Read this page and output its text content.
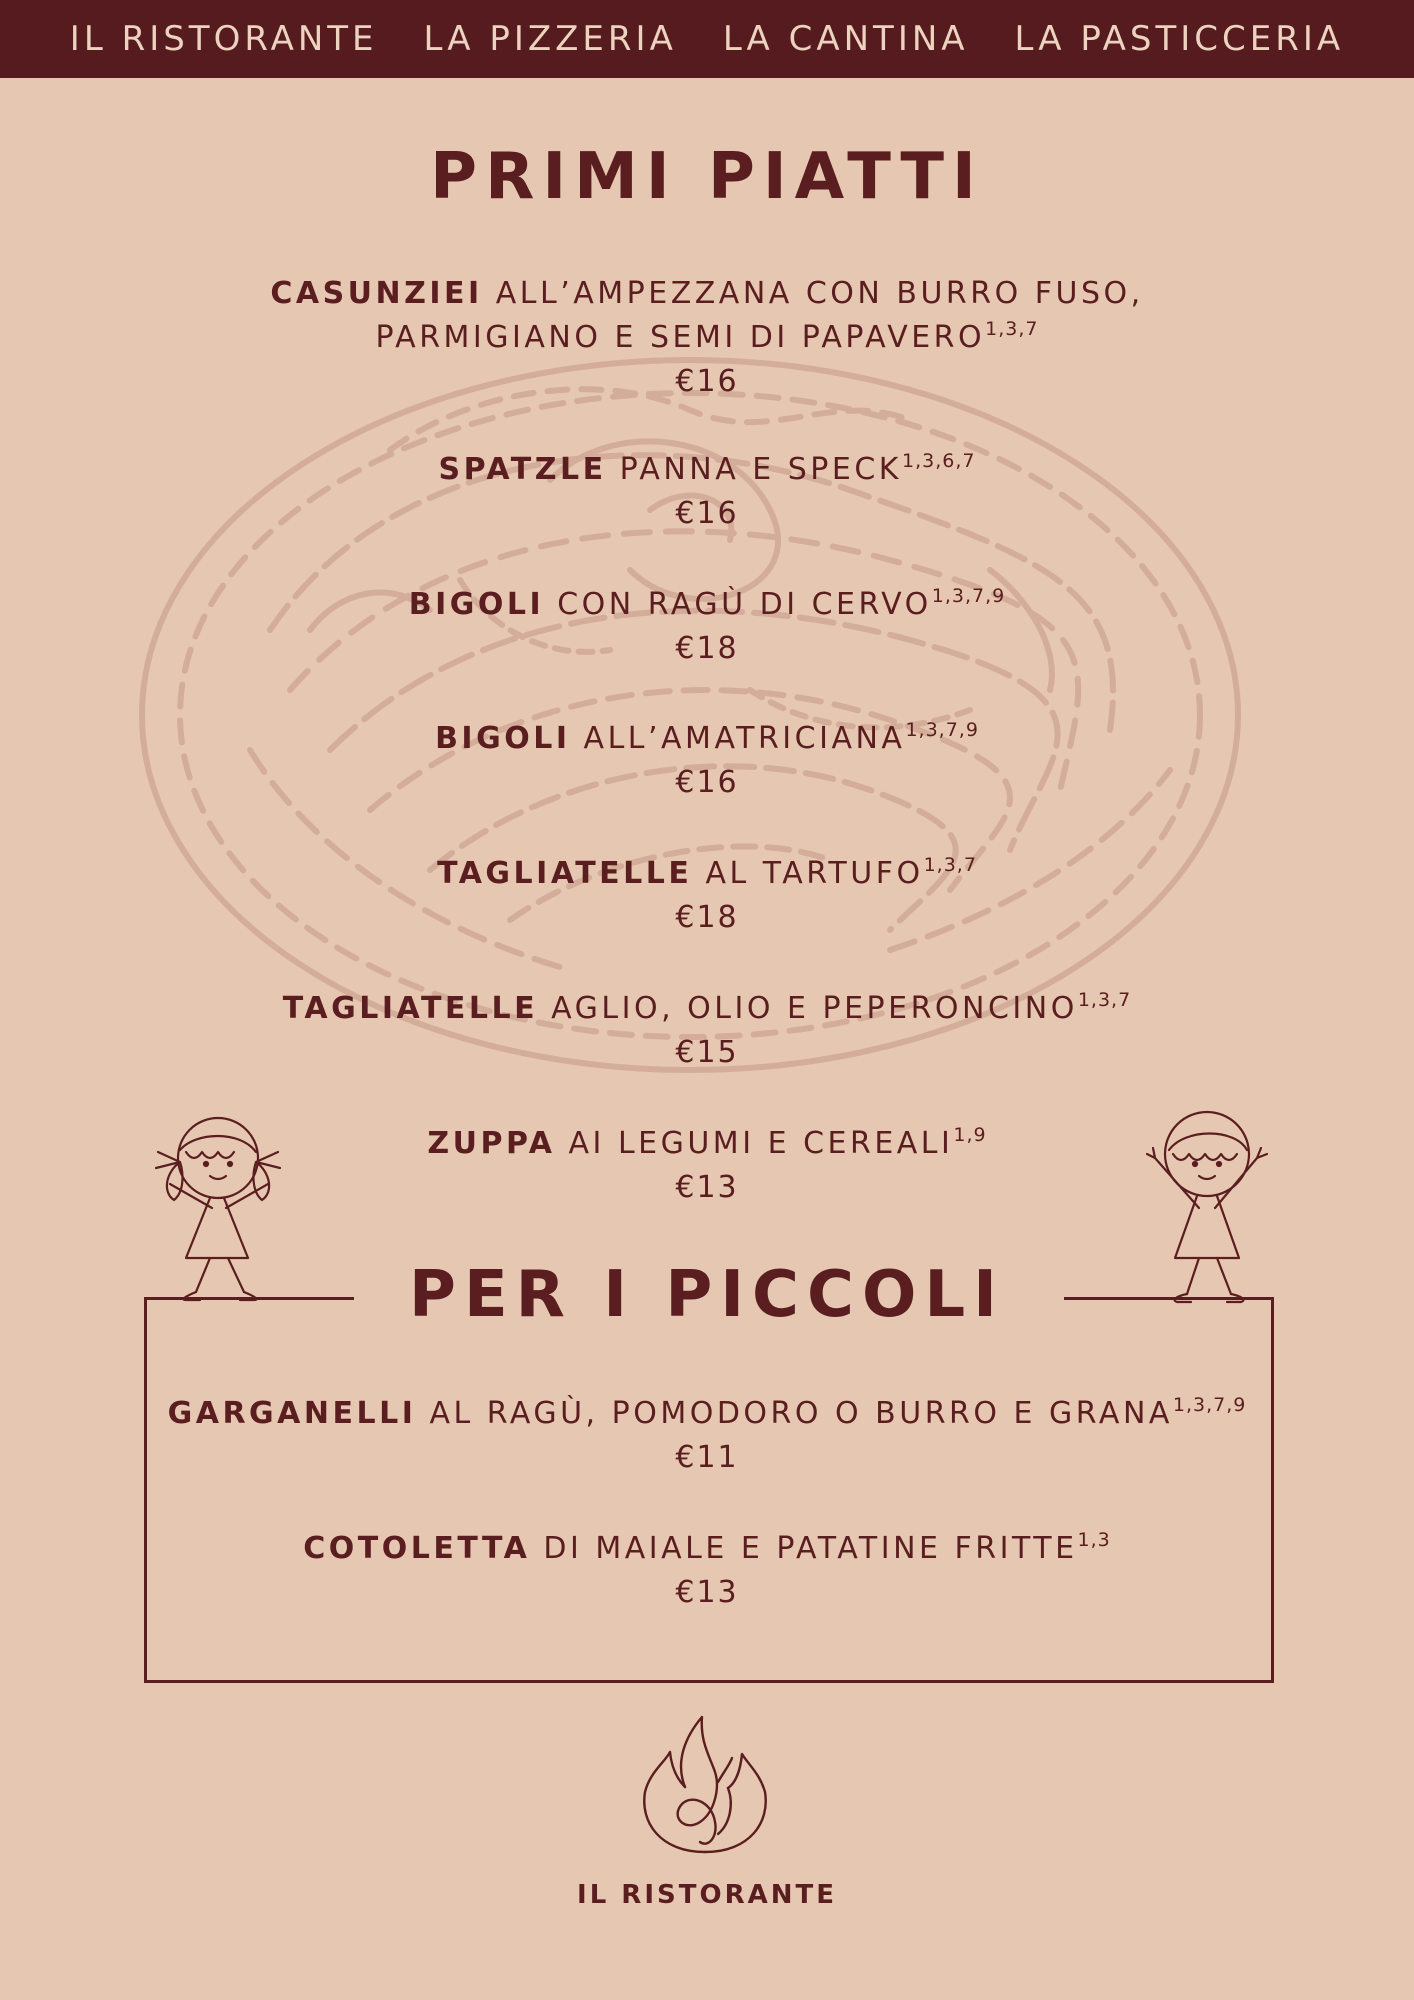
IL RISTORANTE LA PIZZERIA LA CANTINA LA PASTICCERIA
PRIMI PIATTI
CASUNZIEI ALL’AMPEZZANA CON BURRO FUSO,
PARMIGIANO E SEMI DI PAPAVERO$^{1,3,7}$
€16
SPATZLE PANNA E SPECK$^{1,3,6,7}$
€16
BIGOLI CON RAGÙ DI CERVO$^{1,3,7,9}$
€18
BIGOLI ALL’AMATRICIANA$^{1,3,7,9}$
€16
TAGLIATELLE AL TARTUFO$^{1,3,7}$
€18
TAGLIATELLE AGLIO, OLIO E PEPERONCINO$^{1,3,7}$
€15
ZUPPA AI LEGUMI E CEREALI$^{1,9}$
€13
PER I PICCOLI
GARGANELLI AL RAGÙ, POMODORO O BURRO E GRANA$^{1,3,7,9}$
€11
COTOLETTA DI MAIALE E PATATINE FRITTE$^{1,3}$
€13
IL RISTORANTE
